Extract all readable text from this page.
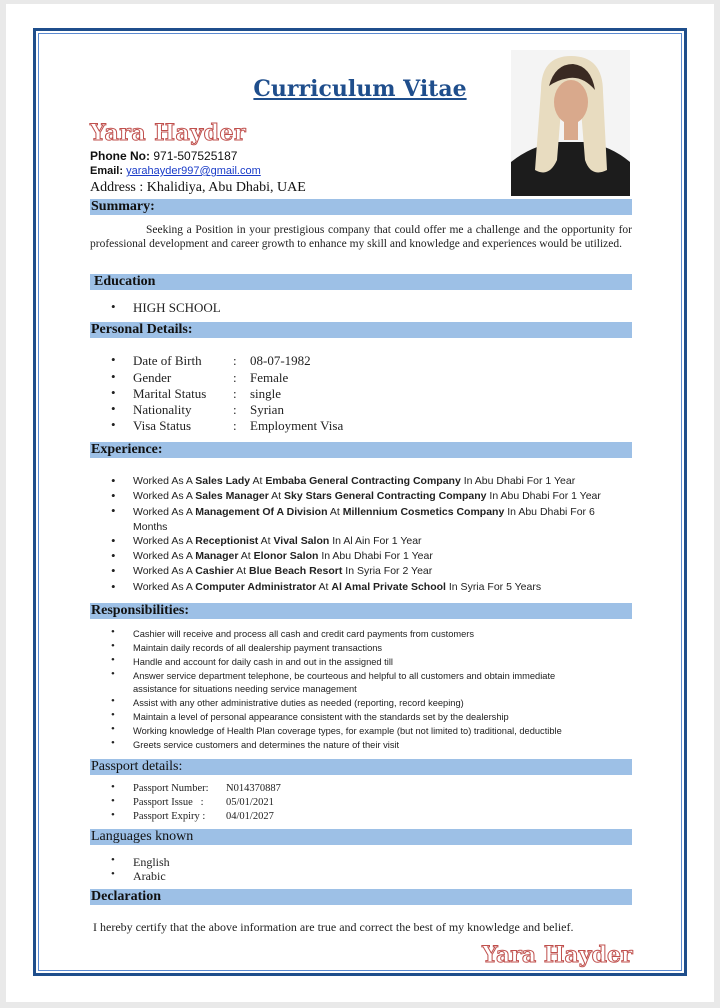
Curriculum Vitae
Yara Hayder
Phone No: 971-507525187
Email: yarahayder997@gmail.com
Address : Khalidiya, Abu Dhabi, UAE
Summary:
Seeking a Position in your prestigious company that could offer me a challenge and the opportunity for professional development and career growth to enhance my skill and knowledge and experiences would be utilized.
Education
• HIGH SCHOOL
Personal Details:
• Date of Birth : 08-07-1982
• Gender	: Female
• Marital Status : single
• Nationality	: Syrian
• Visa Status	: Employment Visa
Experience:
• Worked As A Sales Lady At Embaba General Contracting Company In Abu Dhabi For 1 Year
• Worked As A Sales Manager At Sky Stars General Contracting Company In Abu Dhabi For 1 Year
• Worked As A Management Of A Division At Millennium Cosmetics Company In Abu Dhabi For 6 Months
• Worked As A Receptionist At Vival Salon In Al Ain For 1 Year
• Worked As A Manager At Elonor Salon In Abu Dhabi For 1 Year
• Worked As A Cashier At Blue Beach Resort In Syria For 2 Year
• Worked As A Computer Administrator At Al Amal Private School In Syria For 5 Years
Responsibilities:
• Cashier will receive and process all cash and credit card payments from customers
• Maintain daily records of all dealership payment transactions
• Handle and account for daily cash in and out in the assigned till
• Answer service department telephone, be courteous and helpful to all customers and obtain immediate
assistance for situations needing service management
• Assist with any other administrative duties as needed (reporting, record keeping)
• Maintain a level of personal appearance consistent with the standards set by the dealership
• Working knowledge of Health Plan coverage types, for example (but not limited to) traditional, deductible
• Greets service customers and determines the nature of their visit
Passport details:
• Passport Number: N014370887
• Passport Issue   : 05/01/2021
• Passport Expiry : 04/01/2027
Languages known
• English
• Arabic
Declaration
I hereby certify that the above information are true and correct the best of my knowledge and belief.
Yara Hayder
